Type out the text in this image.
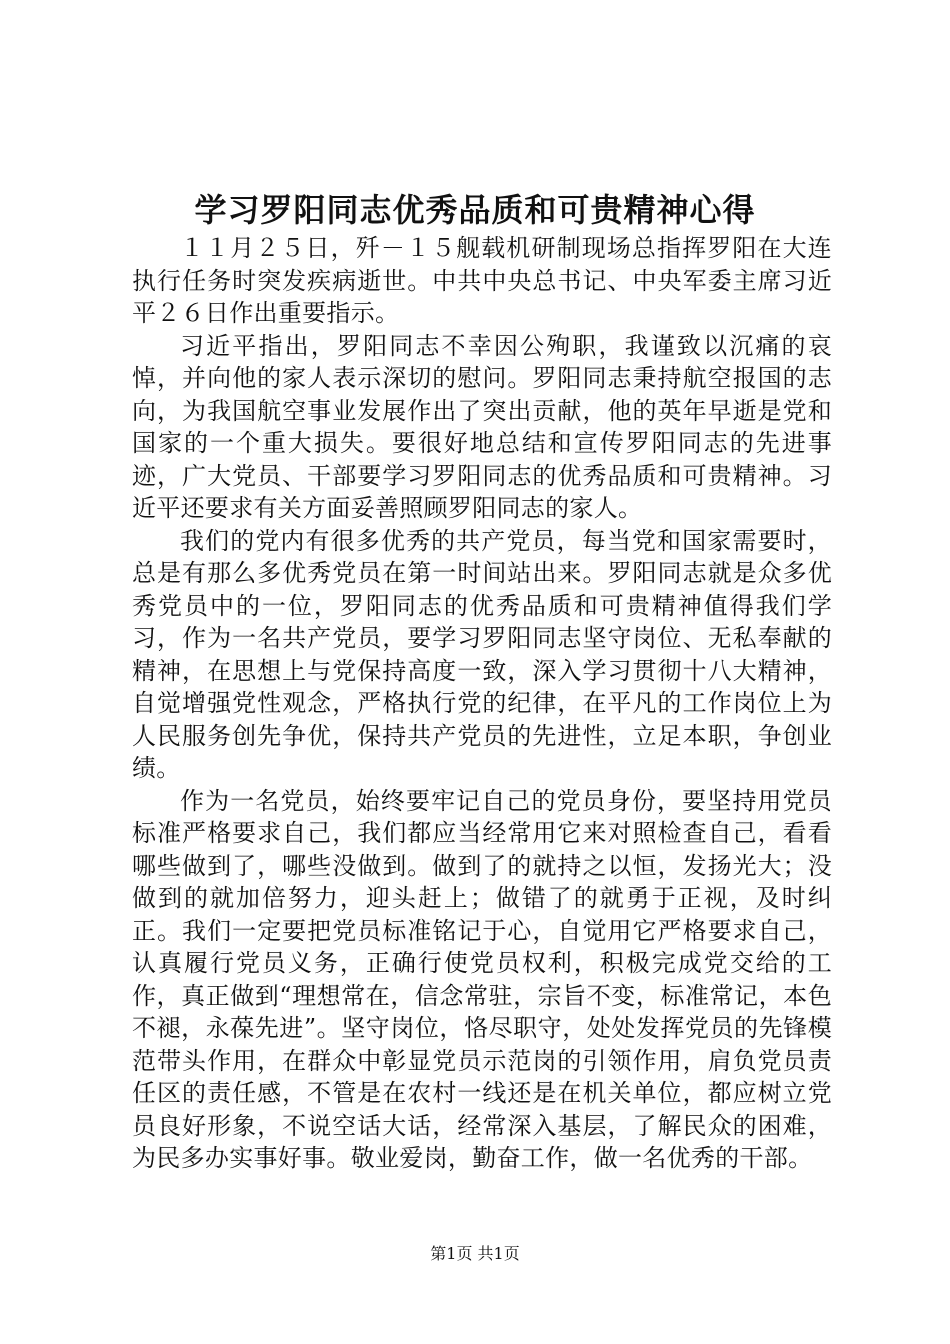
学习罗阳同志优秀品质和可贵精神心得

１１月２５日，歼－１５舰载机研制现场总指挥罗阳在大连执行任务时突发疾病逝世。中共中央总书记、中央军委主席习近平２６日作出重要指示。

习近平指出，罗阳同志不幸因公殉职，我谨致以沉痛的哀悼，并向他的家人表示深切的慰问。罗阳同志秉持航空报国的志向，为我国航空事业发展作出了突出贡献，他的英年早逝是党和国家的一个重大损失。要很好地总结和宣传罗阳同志的先进事迹，广大党员、干部要学习罗阳同志的优秀品质和可贵精神。习近平还要求有关方面妥善照顾罗阳同志的家人。

我们的党内有很多优秀的共产党员，每当党和国家需要时，总是有那么多优秀党员在第一时间站出来。罗阳同志就是众多优秀党员中的一位，罗阳同志的优秀品质和可贵精神值得我们学习，作为一名共产党员，要学习罗阳同志坚守岗位、无私奉献的精神，在思想上与党保持高度一致，深入学习贯彻十八大精神，自觉增强党性观念，严格执行党的纪律，在平凡的工作岗位上为人民服务创先争优，保持共产党员的先进性，立足本职，争创业绩。

作为一名党员，始终要牢记自己的党员身份，要坚持用党员标准严格要求自己，我们都应当经常用它来对照检查自己，看看哪些做到了，哪些没做到。做到了的就持之以恒，发扬光大；没做到的就加倍努力，迎头赶上；做错了的就勇于正视，及时纠正。我们一定要把党员标准铭记于心，自觉用它严格要求自己，认真履行党员义务，正确行使党员权利，积极完成党交给的工作，真正做到“理想常在，信念常驻，宗旨不变，标准常记，本色不褪，永葆先进”。坚守岗位，恪尽职守，处处发挥党员的先锋模范带头作用，在群众中彰显党员示范岗的引领作用，肩负党员责任区的责任感，不管是在农村一线还是在机关单位，都应树立党员良好形象，不说空话大话，经常深入基层，了解民众的困难，为民多办实事好事。敬业爱岗，勤奋工作，做一名优秀的干部。

第1页 共1页
